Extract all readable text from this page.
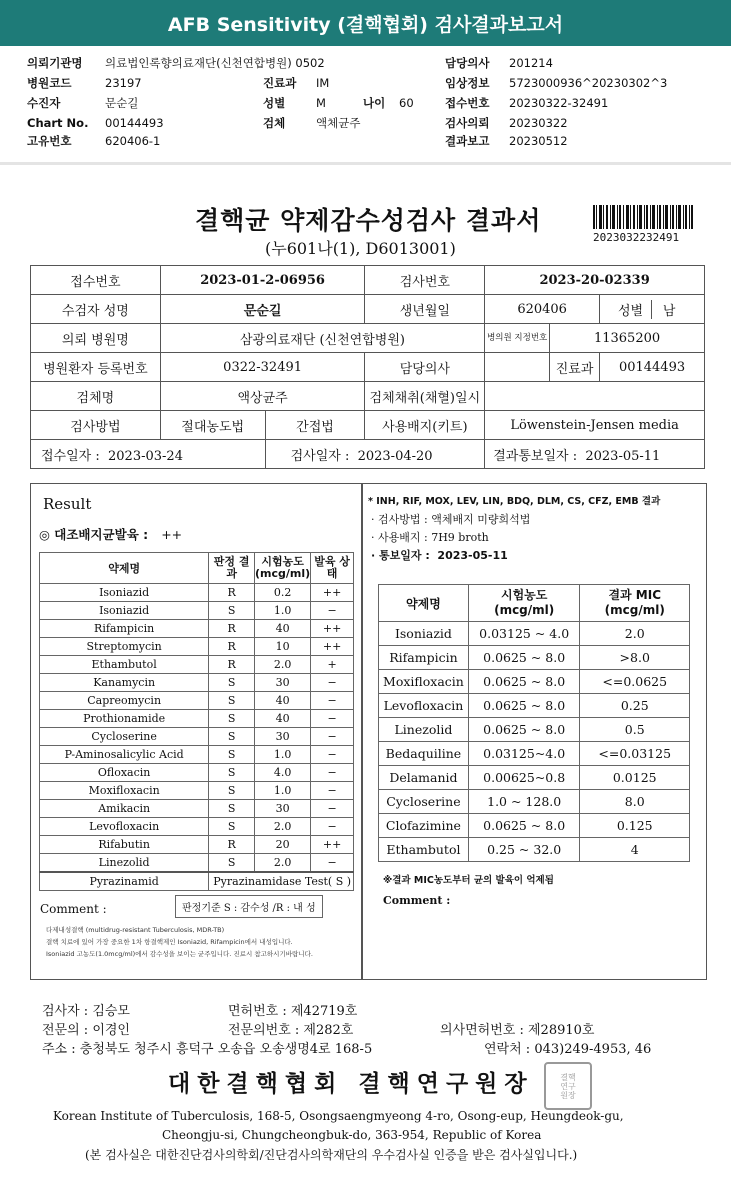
AFB Sensitivity (결핵협회) 검사결과보고서
의뢰기관명 의료법인록향의료재단(신천연합병원) 0502
병원코드	23197
수진자	문순길
Chart No. 00144493
고유번호	620406-1
진료과 IM
성별	M	나이 60
검체	액체균주
담당의사 201214
임상정보 5723000936^20230302^3
접수번호 20230322-32491
검사의뢰 20230322
결과보고 20230512
결핵균 약제감수성검사 결과서
(누601나(1), D6013001)
2023032232491
접수번호	2023-01-2-06956		검사번호	2023-20-02339		
수검자 성명	문순길		생년월일	620406		성별 남
의뢰 병원명	삼광의료재단 (신천연합병원)			병의원 지정번호	11365200	
병원환자 등록번호	0322-32491		담당의사		진료과	00144493
검체명	액상균주		검체채취(채혈)일시			
검사방법	절대농도법	간접법	사용배지(키트)	Löwenstein-Jensen media		
접수일자 : 2023-03-24		검사일자 : 2023-04-20		결과통보일자 : 2023-05-11		
Result
◎ 대조배지균발육 : ++
약제명	판정 결과	시험농도 (mcg/ml)	발육 상태
Isoniazid	R	0.2	++
Isoniazid	S	1.0	−
Rifampicin	R	40	++
Streptomycin	R	10	++
Ethambutol	R	2.0	+
Kanamycin	S	30	−
Capreomycin	S	40	−
Prothionamide	S	40	−
Cycloserine	S	30	−
P-Aminosalicylic Acid	S	1.0	−
Ofloxacin	S	4.0	−
Moxifloxacin	S	1.0	−
Amikacin	S	30	−
Levofloxacin	S	2.0	−
Rifabutin	R	20	++
Linezolid	S	2.0	−
Pyrazinamid	Pyrazinamidase Test( S )		
Comment :	판정기준 S : 감수성 /R : 내 성
다제내성결핵 (multidrug-resistant Tuberculosis, MDR-TB)
결핵 치료에 있어 가장 중요한 1차 항결핵제인 Isoniazid, Rifampicin에서 내성입니다.
Isoniazid 고농도(1.0mcg/ml)에서 감수성을 보이는 균주입니다. 진료시 참고하시기바랍니다.
* INH, RIF, MOX, LEV, LIN, BDQ, DLM, CS, CFZ, EMB 결과
· 검사방법 : 액체배지 미량희석법
· 사용배지 : 7H9 broth
· 통보일자 : 2023-05-11
약제명	시험농도 (mcg/ml)	결과 MIC (mcg/ml)
Isoniazid	0.03125 ~ 4.0	2.0
Rifampicin	0.0625 ~ 8.0	>8.0
Moxifloxacin	0.0625 ~ 8.0	<=0.0625
Levofloxacin	0.0625 ~ 8.0	0.25
Linezolid	0.0625 ~ 8.0	0.5
Bedaquiline	0.03125~4.0	<=0.03125
Delamanid	0.00625~0.8	0.0125
Cycloserine	1.0 ~ 128.0	8.0
Clofazimine	0.0625 ~ 8.0	0.125
Ethambutol	0.25 ~ 32.0	4
※결과 MIC농도부터 균의 발육이 억제됨
Comment :
검사자 : 김승모	면허번호 : 제42719호
전문의 : 이경인	전문의번호 : 제282호	의사면허번호 : 제28910호
주소 : 충청북도 청주시 흥덕구 오송읍 오송생명4로 168-5	연락처 : 043)249-4953, 46
대한결핵협회 결핵연구원장	결핵
연구
원장
Korean Institute of Tuberculosis, 168-5, Osongsaengmyeong 4-ro, Osong-eup, Heungdeok-gu,
Cheongju-si, Chungcheongbuk-do, 363-954, Republic of Korea
(본 검사실은 대한진단검사의학회/진단검사의학재단의 우수검사실 인증을 받은 검사실입니다.)
